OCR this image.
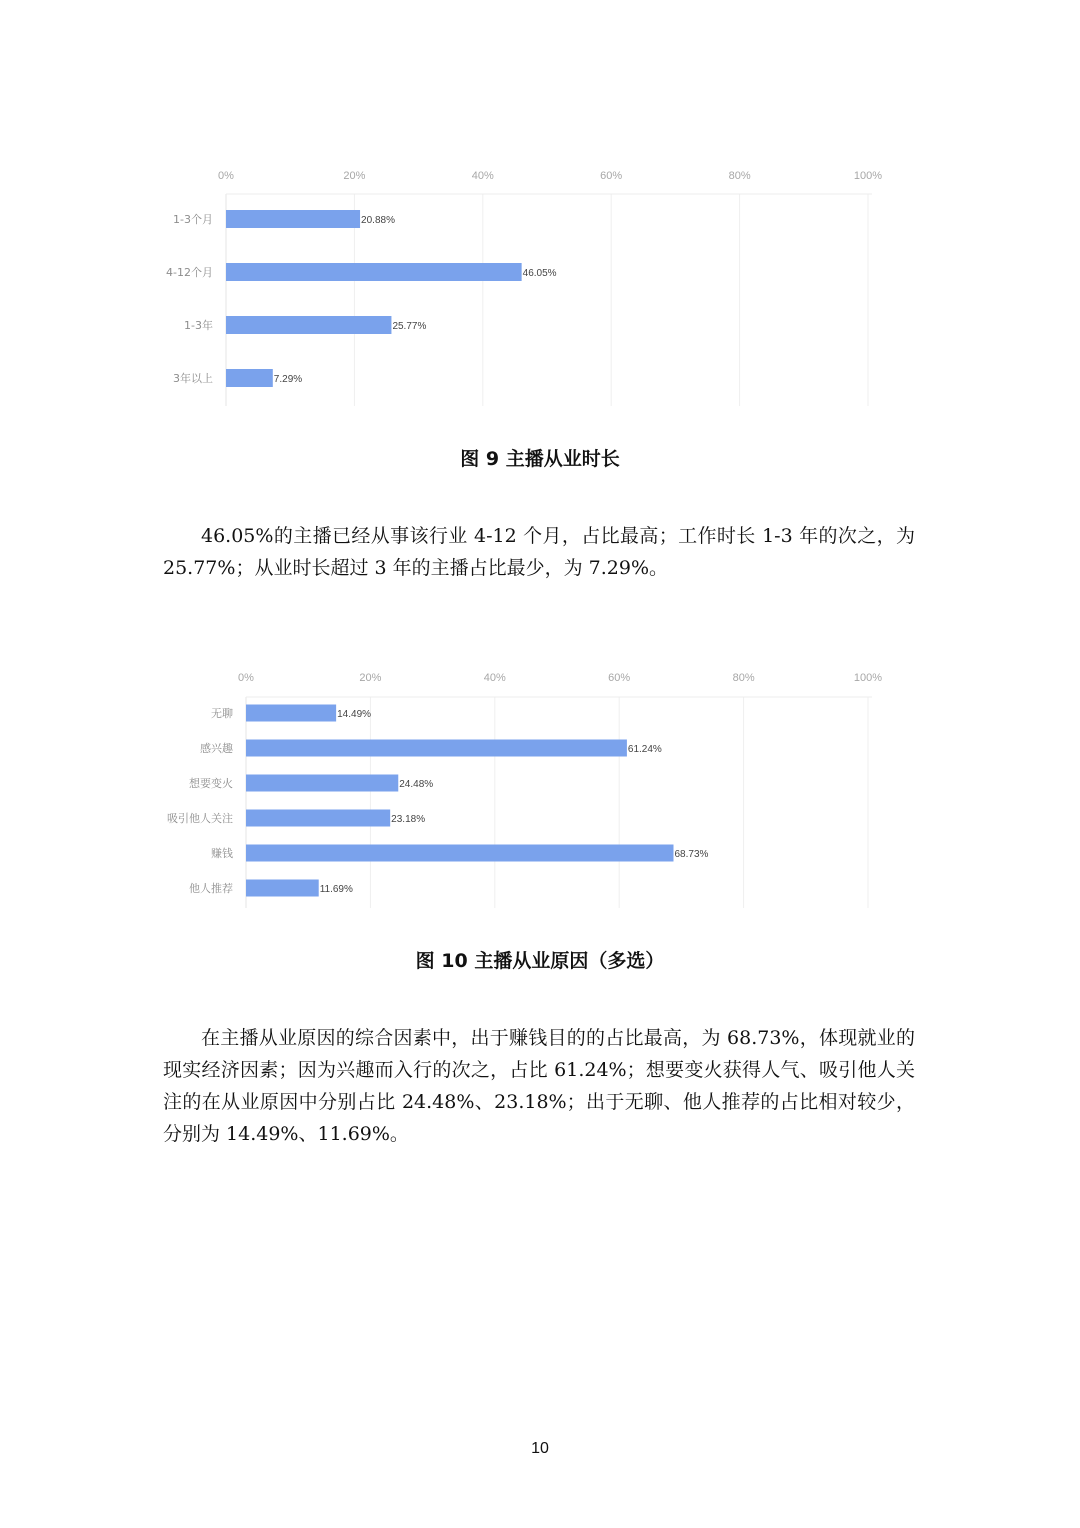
0%	20%	40%	60%	80%	100%
1-3个月	20.88%
4-12个月	46.05%
1-3年	25.77%
3年以上	7.29%
0%	20%	40%	60%	80%	100%
无聊	14.49%
感兴趣	61.24%
想要变火	24.48%
吸引他人关注	23.18%
赚钱	68.73%
他人推荐	11.69%
图 9 主播从业时长

46.05%的主播已经从事该行业 4-12 个月，占比最高；工作时长 1-3 年的次之，为 25.77%；从业时长超过 3 年的主播占比最少，为 7.29%。

图 10 主播从业原因（多选）

在主播从业原因的综合因素中，出于赚钱目的的占比最高，为 68.73%，体现就业的现实经济因素；因为兴趣而入行的次之，占比 61.24%；想要变火获得人气、吸引他人关注的在从业原因中分别占比 24.48%、23.18%；出于无聊、他人推荐的占比相对较少，分别为 14.49%、11.69%。

10
